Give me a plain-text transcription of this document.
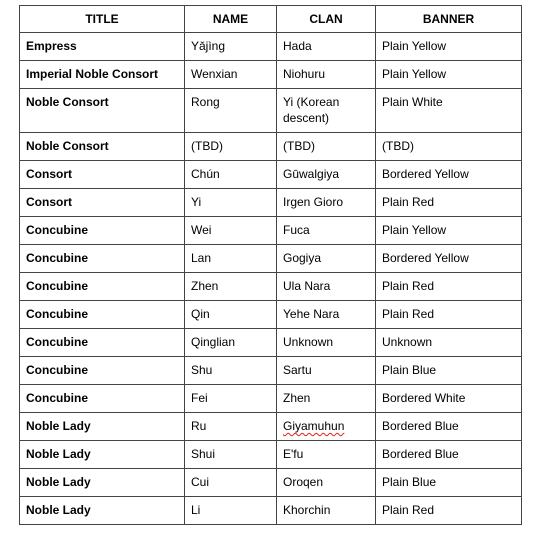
TITLE	NAME	CLAN	BANNER

Empress	Yǎjìng	Hada	Plain Yellow

Imperial Noble Consort	Wenxian	Niohuru	Plain Yellow

Noble Consort	Rong	Yi (Korean descent)	Plain White

Noble Consort	(TBD)	(TBD)	(TBD)

Consort	Chún	Gūwalgiya	Bordered Yellow

Consort	Yi	Irgen Gioro	Plain Red

Concubine	Wei	Fuca	Plain Yellow

Concubine	Lan	Gogiya	Bordered Yellow

Concubine	Zhen	Ula Nara	Plain Red

Concubine	Qin	Yehe Nara	Plain Red

Concubine	Qinglian	Unknown	Unknown

Concubine	Shu	Sartu	Plain Blue

Concubine	Fei	Zhen	Bordered White

Noble Lady	Ru	Giyamuhun	Bordered Blue

Noble Lady	Shui	E'fu	Bordered Blue

Noble Lady	Cui	Oroqen	Plain Blue

Noble Lady	Li	Khorchin	Plain Red
